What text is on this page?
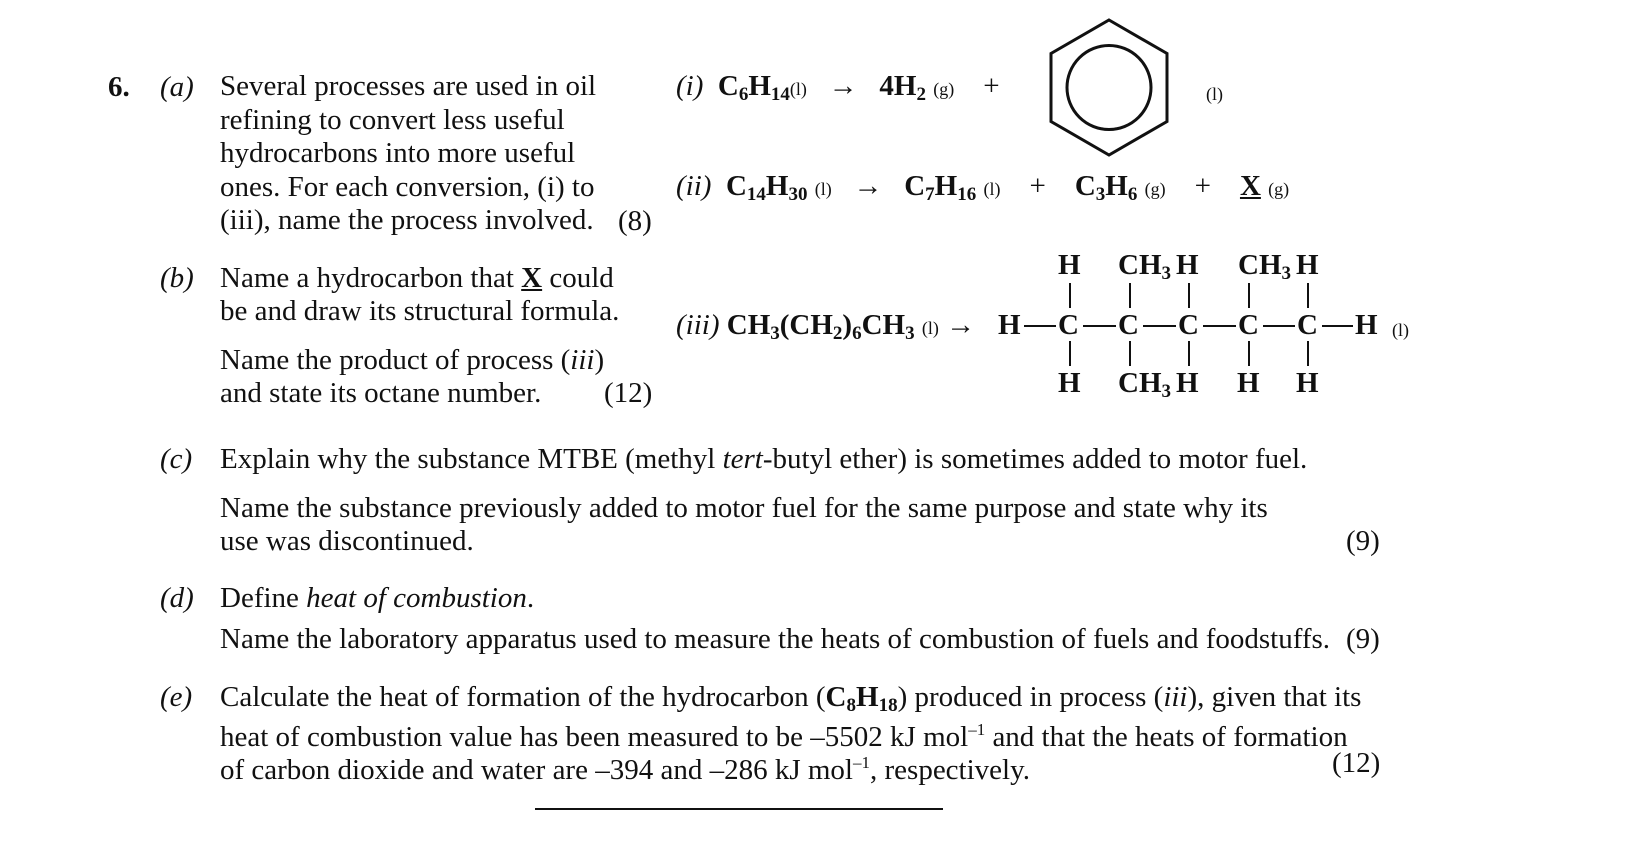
6. (a) Several processes are used in oil
refining to convert less useful
hydrocarbons into more useful
ones. For each conversion, (i) to
(iii), name the process involved. (8)
(i) $C_6H_{14}(l) \to 4H_2$ (g) +	(l)
(ii) $C_{14}H_{30}$ $(l) \to C_7H_{16}$ $(l) + C_3H_6$ (g) + X (g)
(b) Name a hydrocarbon that X could
be and draw its structural formula.
Name the product of process (iii)
and state its octane number. (12)
(iii) $CH_3(CH_2)_6CH_3$ (l) →
H $CH_3$ H $CH_3$ H
H C C C C C H (l)
H $CH_3$ H H H
(c) Explain why the substance MTBE (methyl tert-butyl ether) is sometimes added to motor fuel.
Name the substance previously added to motor fuel for the same purpose and state why its
use was discontinued.	(9)
(d) Define heat of combustion.
Name the laboratory apparatus used to measure the heats of combustion of fuels and foodstuffs. (9)
(e) Calculate the heat of formation of the hydrocarbon $(C_8H_{18})$ produced in process (iii), given that its
heat of combustion value has been measured to be –5502 kJ mol$^{-1}$ and that the heats of formation
of carbon dioxide and water are –394 and –286 kJ mol$^{-1}$, respectively.	(12)
